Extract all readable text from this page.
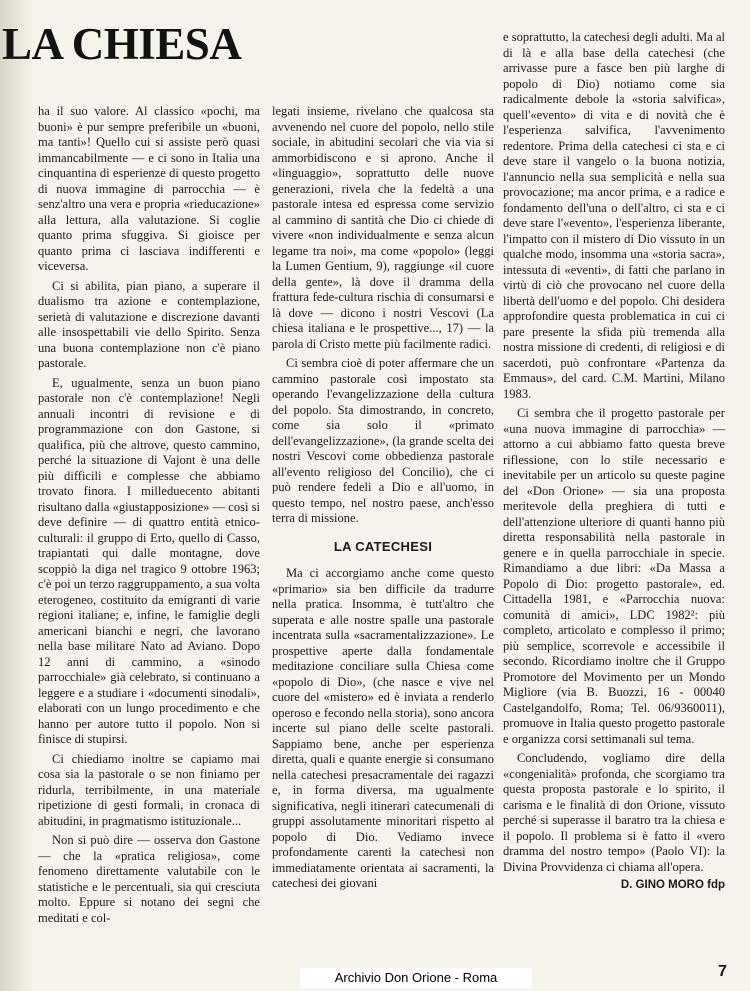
LA CHIESA

ha il suo valore. Al classico «pochi, ma buoni» è pur sempre preferibile un «buoni, ma tanti»! Quello cui si assiste però quasi immancabilmente — e ci sono in Italia una cinquantina di esperienze di questo progetto di nuova immagine di parrocchia — è senz'altro una vera e propria «rieducazione» alla lettura, alla valutazione. Si coglie quanto prima sfuggiva. Si gioisce per quanto prima ci lasciava indifferenti e viceversa.

Ci si abilita, pian piano, a superare il dualismo tra azione e contemplazione, serietà di valutazione e discrezione davanti alle insospettabili vie dello Spirito. Senza una buona contemplazione non c'è piano pastorale.

E, ugualmente, senza un buon piano pastorale non c'è contemplazione! Negli annuali incontri di revisione e di programmazione con don Gastone, si qualifica, più che altrove, questo cammino, perché la situazione di Vajont è una delle più difficili e complesse che abbiamo trovato finora. I milleduecento abitanti risultano dalla «giustapposizione» — così si deve definire — di quattro entità etnico-culturali: il gruppo di Erto, quello di Casso, trapiantati qui dalle montagne, dove scoppiò la diga nel tragico 9 ottobre 1963; c'è poi un terzo raggruppamento, a sua volta eterogeneo, costituito da emigranti di varie regioni italiane; e, infine, le famiglie degli americani bianchi e negri, che lavorano nella base militare Nato ad Aviano. Dopo 12 anni di cammino, a «sinodo parrocchiale» già celebrato, si continuano a leggere e a studiare i «documenti sinodali», elaborati con un lungo procedimento e che hanno per autore tutto il popolo. Non si finisce di stupirsi.

Ci chiediamo inoltre se capiamo mai cosa sia la pastorale o se non finiamo per ridurla, terribilmente, in una materiale ripetizione di gesti formali, in cronaca di abitudini, in pragmatismo istituzionale...

Non si può dire — osserva don Gastone — che la «pratica religiosa», come fenomeno direttamente valutabile con le statistiche e le percentuali, sia qui cresciuta molto. Eppure si notano dei segni che meditati e col-

legati insieme, rivelano che qualcosa sta avvenendo nel cuore del popolo, nello stile sociale, in abitudini secolari che via via si ammorbidiscono e si aprono. Anche il «linguaggio», soprattutto delle nuove generazioni, rivela che la fedeltà a una pastorale intesa ed espressa come servizio al cammino di santità che Dio ci chiede di vivere «non individualmente e senza alcun legame tra noi», ma come «popolo» (leggi la Lumen Gentium, 9), raggiunge «il cuore della gente», là dove il dramma della frattura fede-cultura rischia di consumarsi e là dove — dicono i nostri Vescovi (La chiesa italiana e le prospettive..., 17) — la parola di Cristo mette più facilmente radici.

Ci sembra cioè di poter affermare che un cammino pastorale così impostato sta operando l'evangelizzazione della cultura del popolo. Sta dimostrando, in concreto, come sia solo il «primato dell'evangelizzazione», (la grande scelta dei nostri Vescovi come obbedienza pastorale all'evento religioso del Concilio), che ci può rendere fedeli a Dio e all'uomo, in questo tempo, nel nostro paese, anch'esso terra di missione.

LA CATECHESI

Ma ci accorgiamo anche come questo «primario» sia ben difficile da tradurre nella pratica. Insomma, è tutt'altro che superata e alle nostre spalle una pastorale incentrata sulla «sacramentalizzazione». Le prospettive aperte dalla fondamentale meditazione conciliare sulla Chiesa come «popolo di Dio», (che nasce e vive nel cuore del «mistero» ed è inviata a renderlo operoso e fecondo nella storia), sono ancora incerte sul piano delle scelte pastorali. Sappiamo bene, anche per esperienza diretta, quali e quante energie si consumano nella catechesi presacramentale dei ragazzi e, in forma diversa, ma ugualmente significativa, negli itinerari catecumenali di gruppi assolutamente minoritari rispetto al popolo di Dio. Vediamo invece profondamente carenti la catechesi non immediatamente orientata ai sacramenti, la catechesi dei giovani

e soprattutto, la catechesi degli adulti. Ma al di là e alla base della catechesi (che arrivasse pure a fasce ben più larghe di popolo di Dio) notiamo come sia radicalmente debole la «storia salvifica», quell'«evento» di vita e di novità che è l'esperienza salvifica, l'avvenimento redentore. Prima della catechesi ci sta e ci deve stare il vangelo o la buona notizia, l'annuncio nella sua semplicità e nella sua provocazione; ma ancor prima, e a radice e fondamento dell'una o dell'altro, ci sta e ci deve stare l'«evento», l'esperienza liberante, l'impatto con il mistero di Dio vissuto in un qualche modo, insomma una «storia sacra», intessuta di «eventi», di fatti che parlano in virtù di ciò che provocano nel cuore della libertà dell'uomo e del popolo. Chi desidera approfondire questa problematica in cui ci pare presente la sfida più tremenda alla nostra missione di credenti, di religiosi e di sacerdoti, può confrontare «Partenza da Emmaus», del card. C.M. Martini, Milano 1983.

Ci sembra che il progetto pastorale per «una nuova immagine di parrocchia» — attorno a cui abbiamo fatto questa breve riflessione, con lo stile necessario e inevitabile per un articolo su queste pagine del «Don Orione» — sia una proposta meritevole della preghiera di tutti e dell'attenzione ulteriore di quanti hanno più diretta responsabilità nella pastorale in genere e in quella parrocchiale in specie. Rimandiamo a due libri: «Da Massa a Popolo di Dio: progetto pastorale», ed. Cittadella 1981, e «Parrocchia nuova: comunità di amici», LDC 1982²: più completo, articolato e complesso il primo; più semplice, scorrevole e accessibile il secondo. Ricordiamo inoltre che il Gruppo Promotore del Movimento per un Mondo Migliore (via B. Buozzi, 16 - 00040 Castelgandolfo, Roma; Tel. 06/9360011), promuove in Italia questo progetto pastorale e organizza corsi settimanali sul tema.

Concludendo, vogliamo dire della «congenialità» profonda, che scorgiamo tra questa proposta pastorale e lo spirito, il carisma e le finalità di don Orione, vissuto perché si superasse il baratro tra la chiesa e il popolo. Il problema si è fatto il «vero dramma del nostro tempo» (Paolo VI): la Divina Provvidenza ci chiama all'opera.

D. GINO MORO fdp
7
Archivio Don Orione - Roma
